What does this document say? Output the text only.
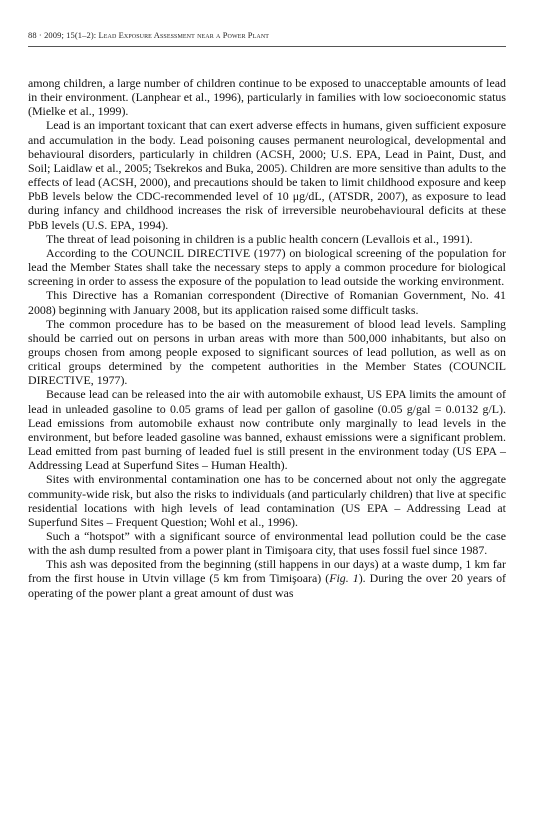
88 · 2009; 15(1–2): Lead Exposure Assessment near a Power Plant

among children, a large number of children continue to be exposed to unacceptable amounts of lead in their environment. (Lanphear et al., 1996), particularly in families with low socioeconomic status (Mielke et al., 1999).

Lead is an important toxicant that can exert adverse effects in humans, given sufficient exposure and accumulation in the body. Lead poisoning causes permanent neurological, developmental and behavioural disorders, particularly in children (ACSH, 2000; U.S. EPA, Lead in Paint, Dust, and Soil; Laidlaw et al., 2005; Tsekrekos and Buka, 2005). Children are more sensitive than adults to the effects of lead (ACSH, 2000), and precautions should be taken to limit childhood exposure and keep PbB levels below the CDC-recommended level of 10 μg/dL, (ATSDR, 2007), as exposure to lead during infancy and childhood increases the risk of irreversible neurobehavioural deficits at these PbB levels (U.S. EPA, 1994).

The threat of lead poisoning in children is a public health concern (Levallois et al., 1991).

According to the COUNCIL DIRECTIVE (1977) on biological screening of the population for lead the Member States shall take the necessary steps to apply a common procedure for biological screening in order to assess the exposure of the population to lead outside the working environment.

This Directive has a Romanian correspondent (Directive of Romanian Government, No. 41 2008) beginning with January 2008, but its application raised some difficult tasks.

The common procedure has to be based on the measurement of blood lead levels. Sampling should be carried out on persons in urban areas with more than 500,000 inhabitants, but also on groups chosen from among people exposed to significant sources of lead pollution, as well as on critical groups determined by the competent authorities in the Member States (COUNCIL DIRECTIVE, 1977).

Because lead can be released into the air with automobile exhaust, US EPA limits the amount of lead in unleaded gasoline to 0.05 grams of lead per gallon of gasoline (0.05 g/gal = 0.0132 g/L). Lead emissions from automobile exhaust now contribute only marginally to lead levels in the environment, but before leaded gasoline was banned, exhaust emissions were a significant problem. Lead emitted from past burning of leaded fuel is still present in the environment today (US EPA – Addressing Lead at Superfund Sites – Human Health).

Sites with environmental contamination one has to be concerned about not only the aggregate community-wide risk, but also the risks to individuals (and particularly children) that live at specific residential locations with high levels of lead contamination (US EPA – Addressing Lead at Superfund Sites – Frequent Question; Wohl et al., 1996).

Such a “hotspot” with a significant source of environmental lead pollution could be the case with the ash dump resulted from a power plant in Timişoara city, that uses fossil fuel since 1987.

This ash was deposited from the beginning (still happens in our days) at a waste dump, 1 km far from the first house in Utvin village (5 km from Timişoara) (Fig. 1). During the over 20 years of operating of the power plant a great amount of dust was
